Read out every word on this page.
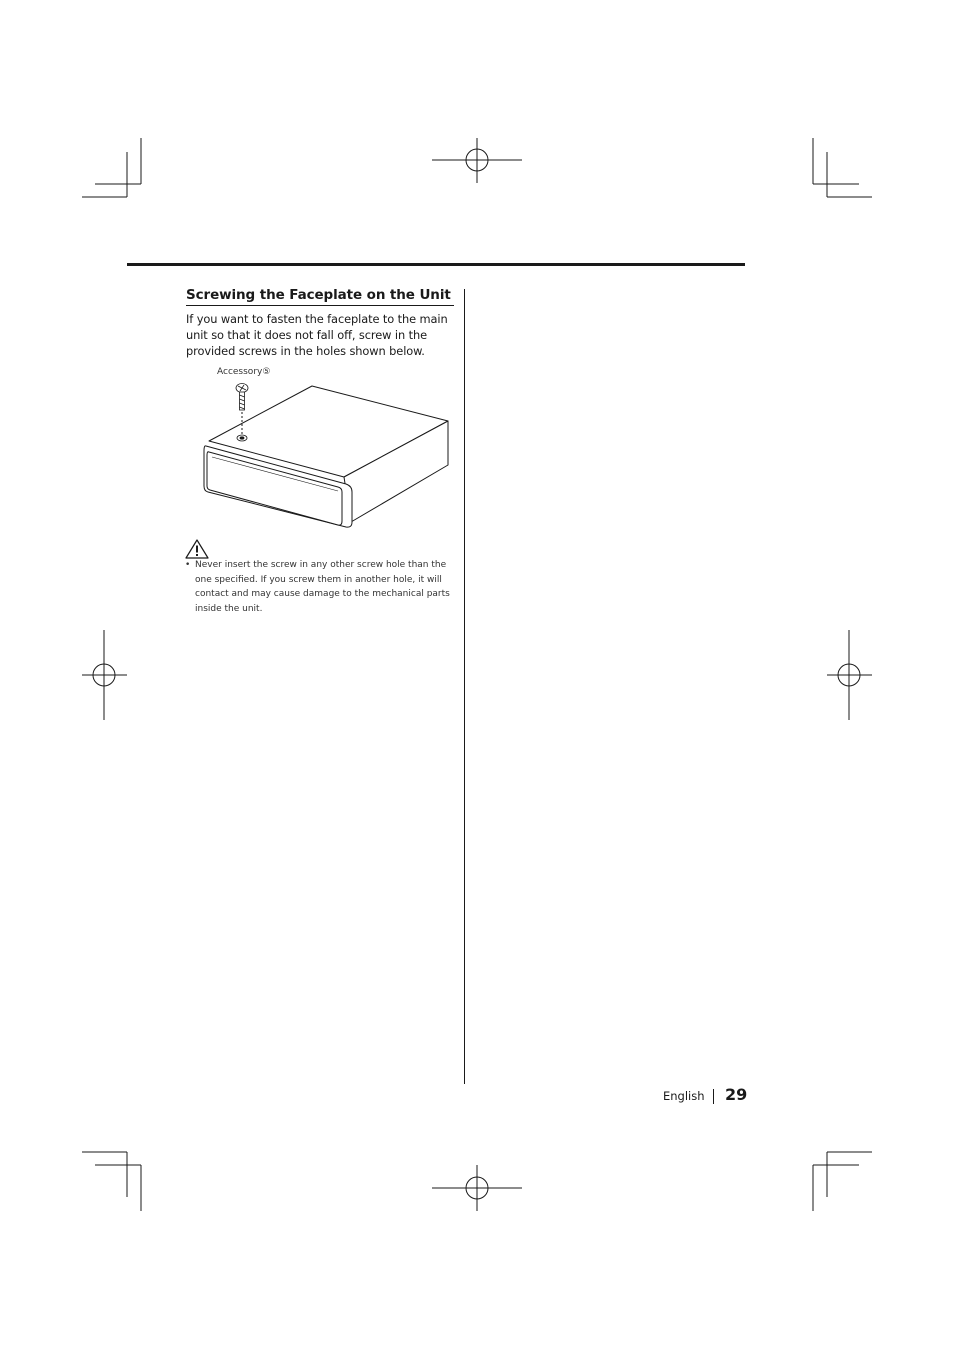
Screwing the Faceplate on the Unit
If you want to fasten the faceplate to the main unit so that it does not fall off, screw in the provided screws in the holes shown below.
Accessory⑤
• Never insert the screw in any other screw hole than the one specified. If you screw them in another hole, it will contact and may cause damage to the mechanical parts inside the unit.
English 29
